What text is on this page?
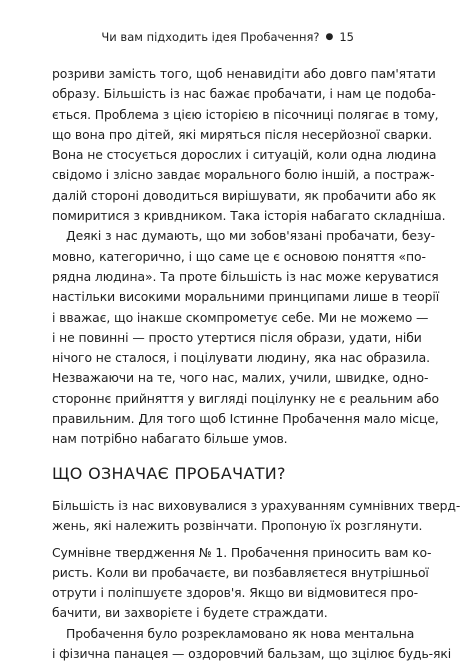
Чи вам підходить ідея Пробачення? ● 15
розриви замість того, щоб ненавидіти або довго пам'ятати
образу. Більшість із нас бажає пробачати, і нам це подоба-
ється. Проблема з цією історією в пісочниці полягає в тому,
що вона про дітей, які миряться після несерйозної сварки.
Вона не стосується дорослих і ситуацій, коли одна людина
свідомо і злісно завдає морального болю іншій, а постраж-
далій стороні доводиться вирішувати, як пробачити або як
помиритися з кривдником. Така історія набагато складніша.
Деякі з нас думають, що ми зобов'язані пробачати, безу-
мовно, категорично, і що саме це є основою поняття «по-
рядна людина». Та проте більшість із нас може керуватися
настільки високими моральними принципами лише в теорії
і вважає, що інакше скомпрометує себе. Ми не можемо —
і не повинні — просто утертися після образи, удати, ніби
нічого не сталося, і поцілувати людину, яка нас образила.
Незважаючи на те, чого нас, малих, учили, швидке, одно-
стороннє прийняття у вигляді поцілунку не є реальним або
правильним. Для того щоб Істинне Пробачення мало місце,
нам потрібно набагато більше умов.
ЩО ОЗНАЧАЄ ПРОБАЧАТИ?
Більшість із нас виховувалися з урахуванням сумнівних тверд-
жень, які належить розвінчати. Пропоную їх розглянути.
Сумнівне твердження № 1. Пробачення приносить вам ко-
ристь. Коли ви пробачаєте, ви позбавляєтеся внутрішньої
отрути і поліпшуєте здоров'я. Якщо ви відмовитеся про-
бачити, ви захворієте і будете страждати.
Пробачення було розрекламовано як нова ментальна
і фізична панацея — оздоровчий бальзам, що зцілює будь-які
